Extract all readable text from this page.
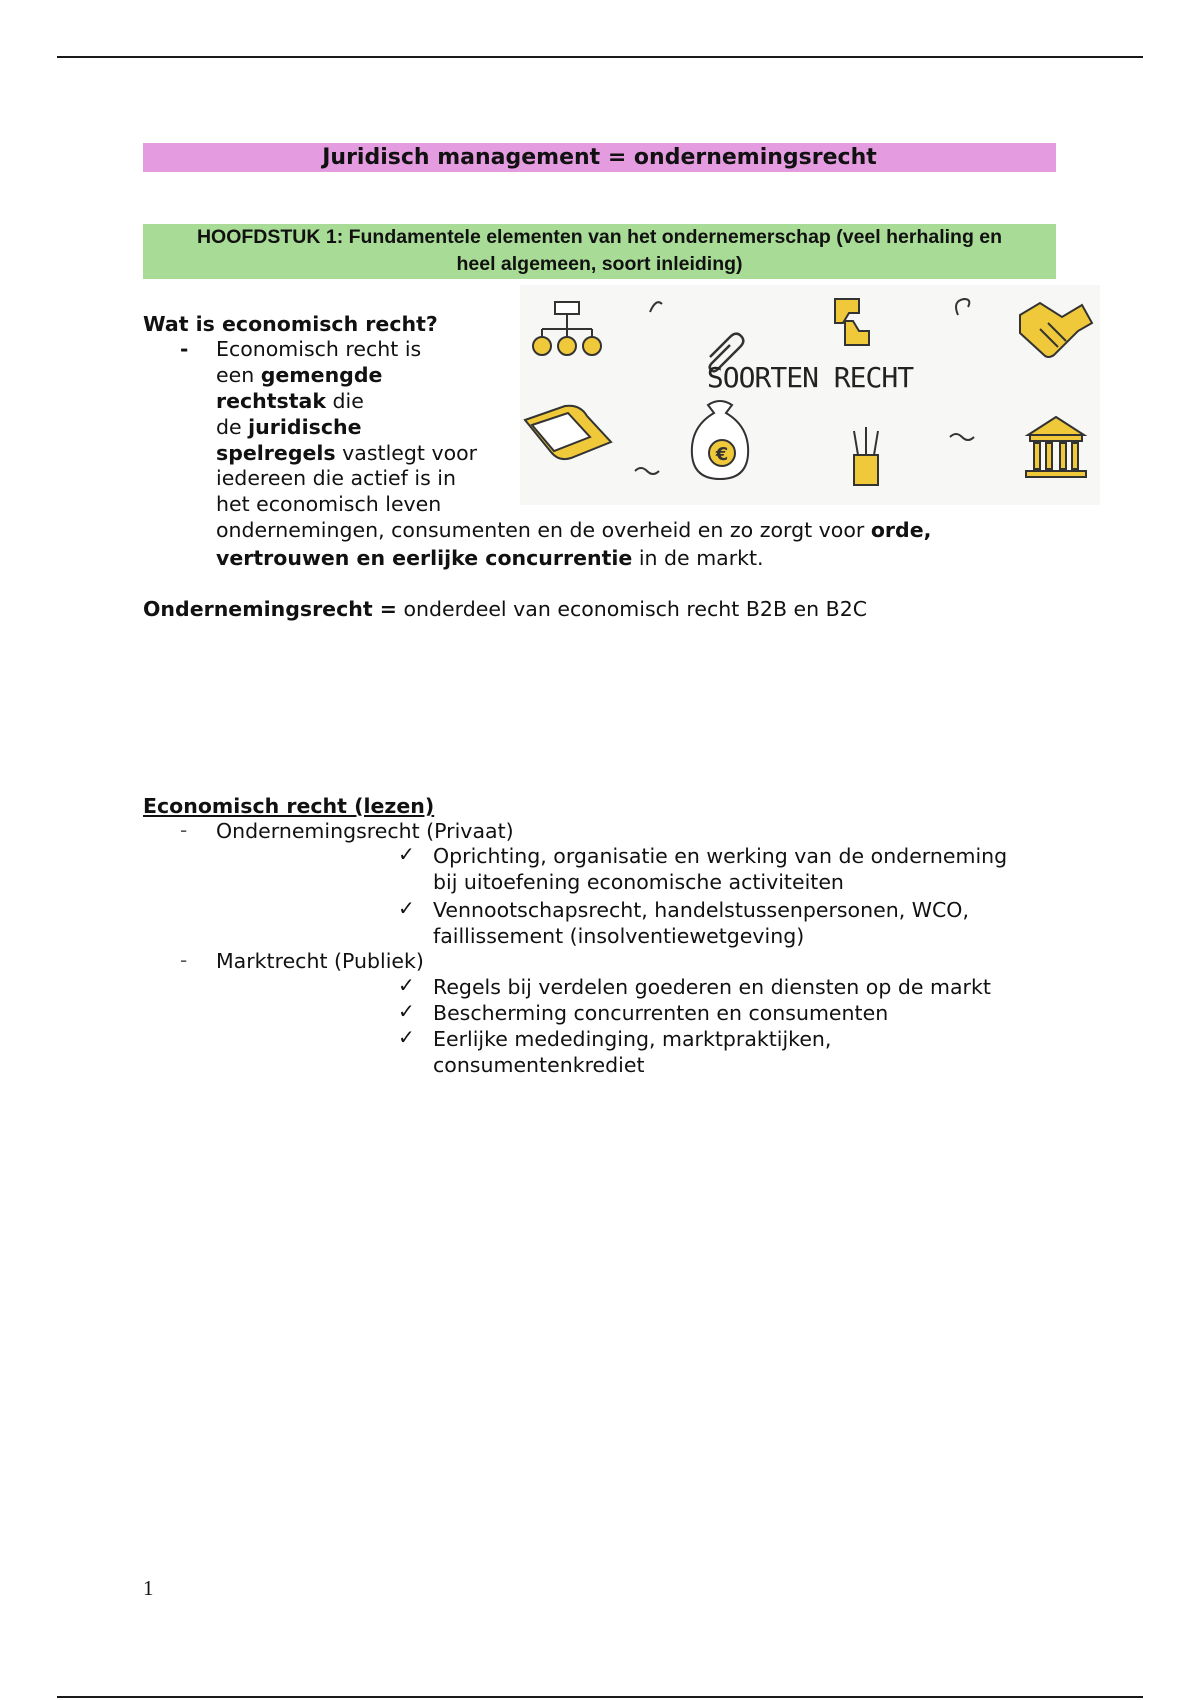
Juridisch management = ondernemingsrecht
HOOFDSTUK 1: Fundamentele elementen van het ondernemerschap (veel herhaling en
heel algemeen, soort inleiding)
Wat is economisch recht?
- Economisch recht is
een gemengde
rechtstak die
de juridische
spelregels vastlegt voor
iedereen die actief is in
het economisch leven
ondernemingen, consumenten en de overheid en zo zorgt voor orde,
vertrouwen en eerlijke concurrentie in de markt.
SOORTEN RECHT
€
Ondernemingsrecht = onderdeel van economisch recht B2B en B2C
Economisch recht (lezen)
- Ondernemingsrecht (Privaat)
✓ Oprichting, organisatie en werking van de onderneming
bij uitoefening economische activiteiten
✓ Vennootschapsrecht, handelstussenpersonen, WCO,
faillissement (insolventiewetgeving)
- Marktrecht (Publiek)
✓ Regels bij verdelen goederen en diensten op de markt
✓ Bescherming concurrenten en consumenten
✓ Eerlijke mededinging, marktpraktijken,
consumentenkrediet
1
